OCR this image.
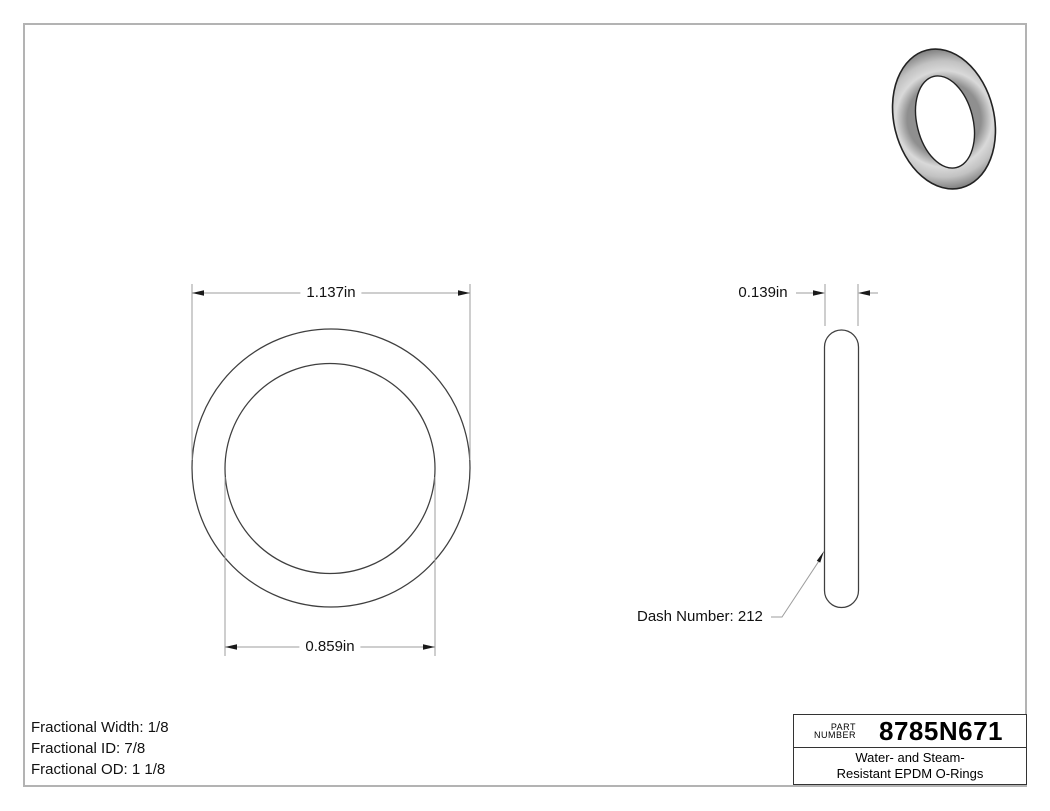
1.137in
0.859in
0.139in
Dash Number: 212
Fractional Width: 1/8
Fractional ID: 7/8
Fractional OD: 1 1/8
PART
NUMBER 8785N671
Water- and Steam-
Resistant EPDM O-Rings
